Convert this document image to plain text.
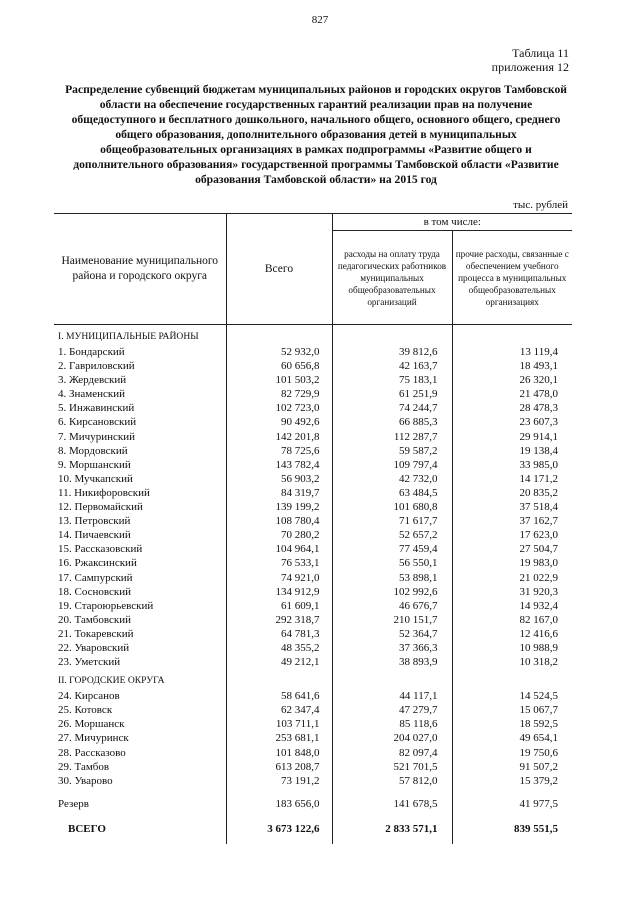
827
Таблица 11
приложения 12
Распределение субвенций бюджетам муниципальных районов и городских округов Тамбовской области на обеспечение государственных гарантий реализации прав на получение общедоступного и бесплатного дошкольного, начального общего, основного общего, среднего общего образования, дополнительного образования детей в муниципальных общеобразовательных организациях в рамках подпрограммы «Развитие общего и дополнительного образования» государственной программы Тамбовской области «Развитие образования Тамбовской области» на 2015 год
тыс. рублей
Наименование муниципального района и городского округа	Всего	в том числе:	
		расходы на оплату труда педагогических работников муниципальных общеобразовательных организаций	прочие расходы, связанные с обеспечением учебного процесса в муниципальных общеобразовательных организациях
I. МУНИЦИПАЛЬНЫЕ РАЙОНЫ			
1. Бондарский	52 932,0	39 812,6	13 119,4
2. Гавриловский	60 656,8	42 163,7	18 493,1
3. Жердевский	101 503,2	75 183,1	26 320,1
4. Знаменский	82 729,9	61 251,9	21 478,0
5. Инжавинский	102 723,0	74 244,7	28 478,3
6. Кирсановский	90 492,6	66 885,3	23 607,3
7. Мичуринский	142 201,8	112 287,7	29 914,1
8. Мордовский	78 725,6	59 587,2	19 138,4
9. Моршанский	143 782,4	109 797,4	33 985,0
10. Мучкапский	56 903,2	42 732,0	14 171,2
11. Никифоровский	84 319,7	63 484,5	20 835,2
12. Первомайский	139 199,2	101 680,8	37 518,4
13. Петровский	108 780,4	71 617,7	37 162,7
14. Пичаевский	70 280,2	52 657,2	17 623,0
15. Рассказовский	104 964,1	77 459,4	27 504,7
16. Ржаксинский	76 533,1	56 550,1	19 983,0
17. Сампурский	74 921,0	53 898,1	21 022,9
18. Сосновский	134 912,9	102 992,6	31 920,3
19. Староюрьевский	61 609,1	46 676,7	14 932,4
20. Тамбовский	292 318,7	210 151,7	82 167,0
21. Токаревский	64 781,3	52 364,7	12 416,6
22. Уваровский	48 355,2	37 366,3	10 988,9
23. Уметский	49 212,1	38 893,9	10 318,2
II. ГОРОДСКИЕ ОКРУГА			
24. Кирсанов	58 641,6	44 117,1	14 524,5
25. Котовск	62 347,4	47 279,7	15 067,7
26. Моршанск	103 711,1	85 118,6	18 592,5
27. Мичуринск	253 681,1	204 027,0	49 654,1
28. Рассказово	101 848,0	82 097,4	19 750,6
29. Тамбов	613 208,7	521 701,5	91 507,2
30. Уварово	73 191,2	57 812,0	15 379,2

Резерв	183 656,0	141 678,5	41 977,5
ВСЕГО	3 673 122,6	2 833 571,1	839 551,5
